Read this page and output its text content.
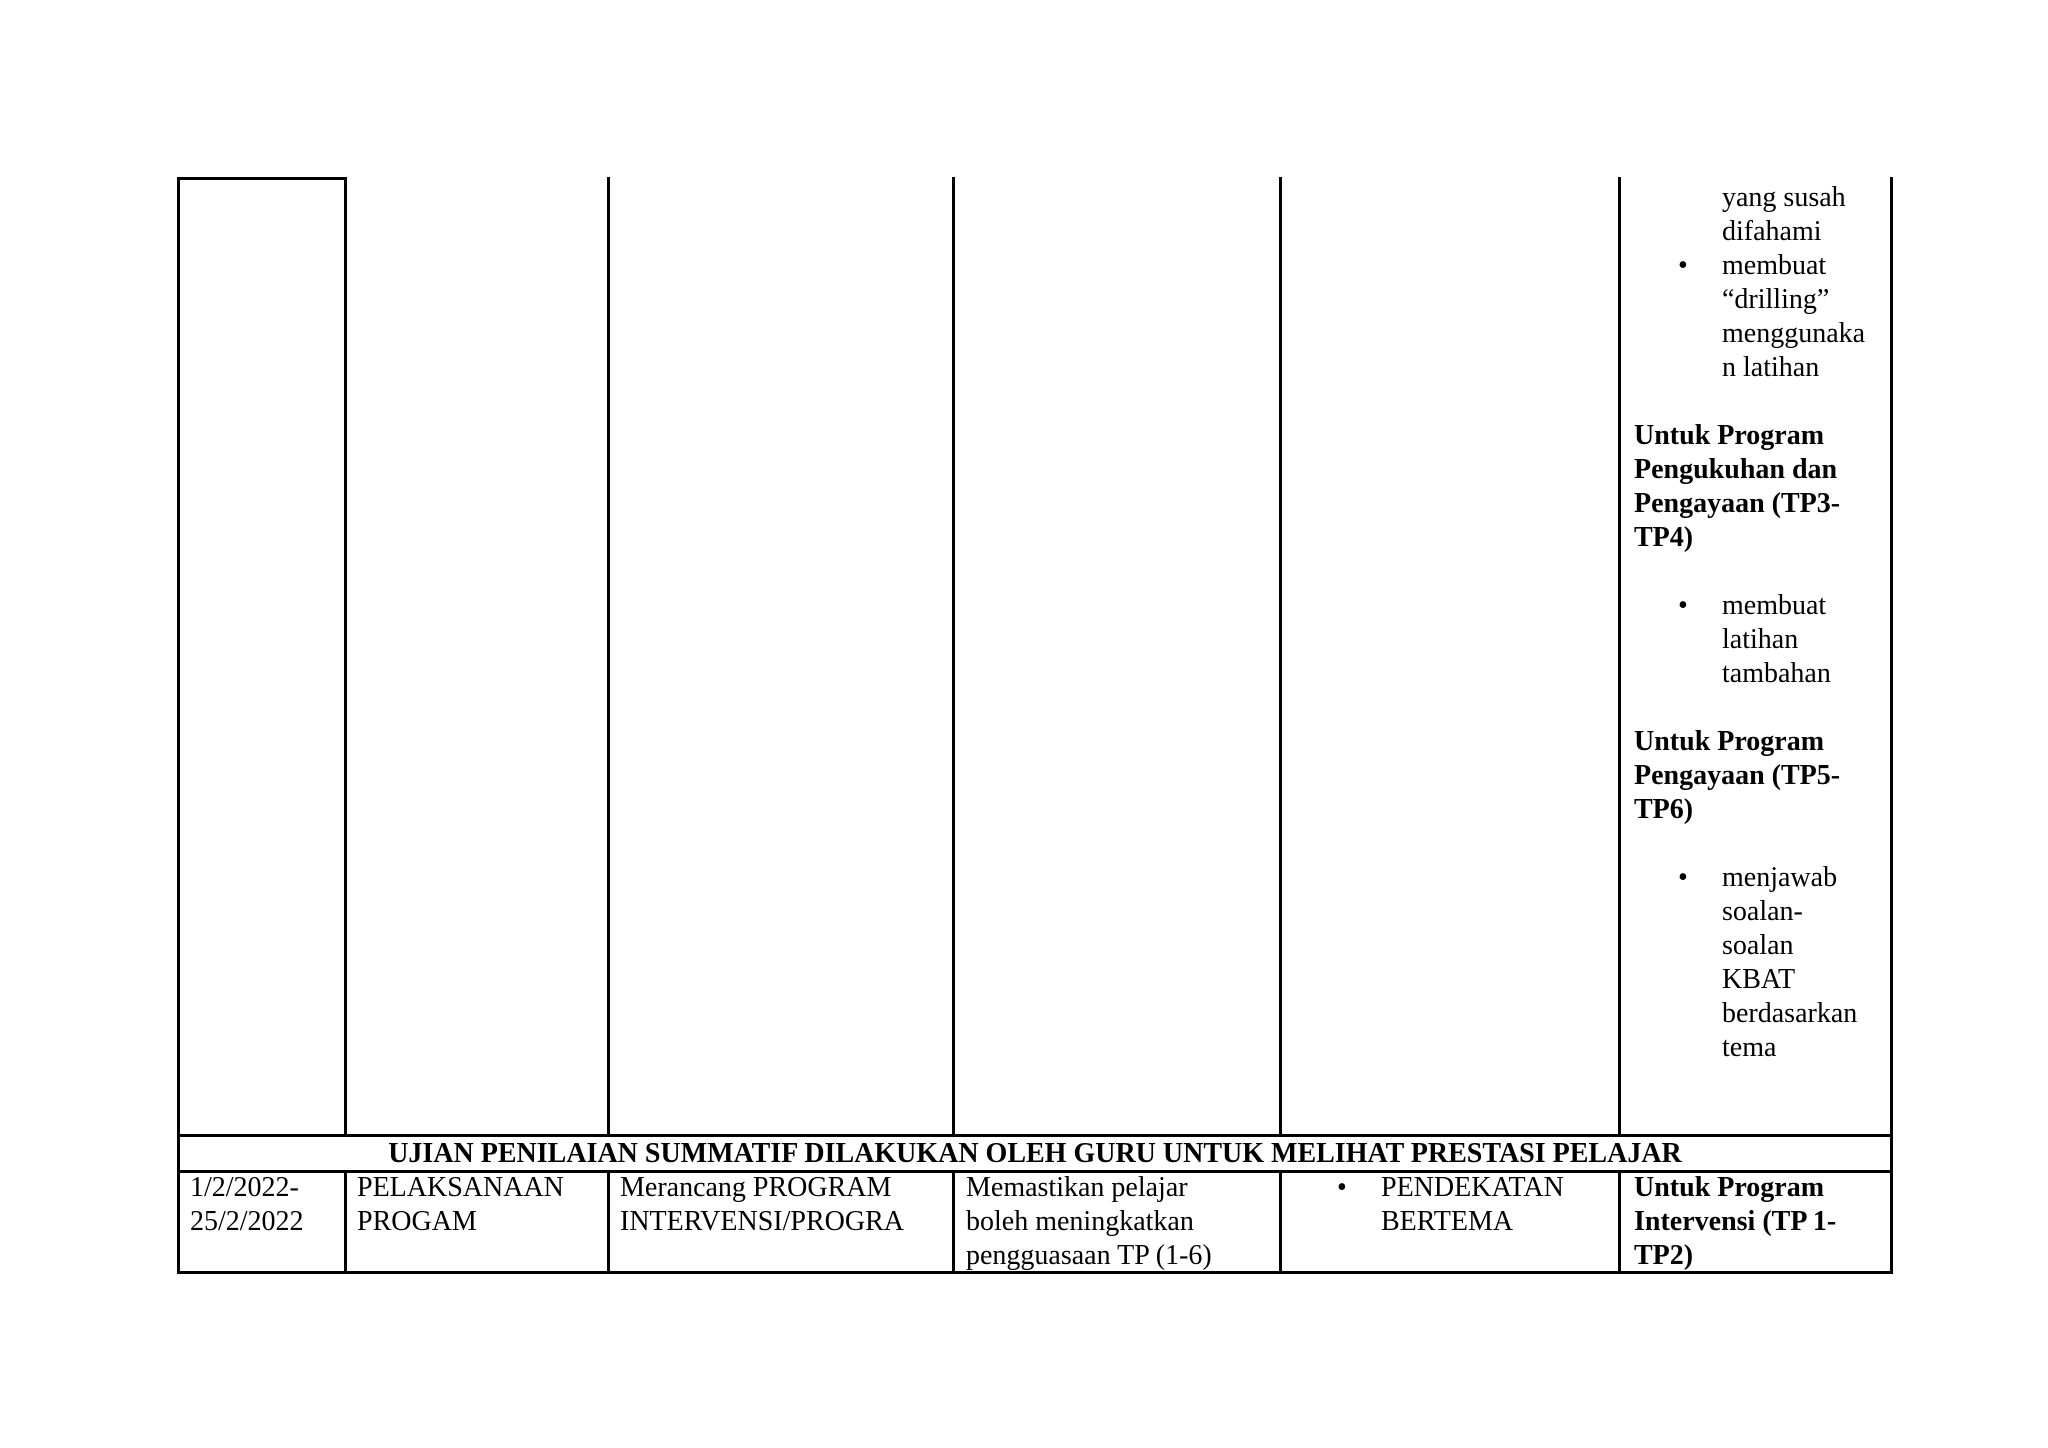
yang susah
difahami
• membuat
“drilling”
menggunaka
n latihan
Untuk Program
Pengukuhan dan
Pengayaan (TP3-
TP4)
• membuat
latihan
tambahan
Untuk Program
Pengayaan (TP5-
TP6)
• menjawab
soalan-
soalan
KBAT
berdasarkan
tema
UJIAN PENILAIAN SUMMATIF DILAKUKAN OLEH GURU UNTUK MELIHAT PRESTASI PELAJAR
1/2/2022-
25/2/2022
PELAKSANAAN
PROGAM
Merancang PROGRAM
INTERVENSI/PROGRA
Memastikan pelajar
boleh meningkatkan
pengguasaan TP (1-6)
• PENDEKATAN
BERTEMA
Untuk Program
Intervensi (TP 1-
TP2)
